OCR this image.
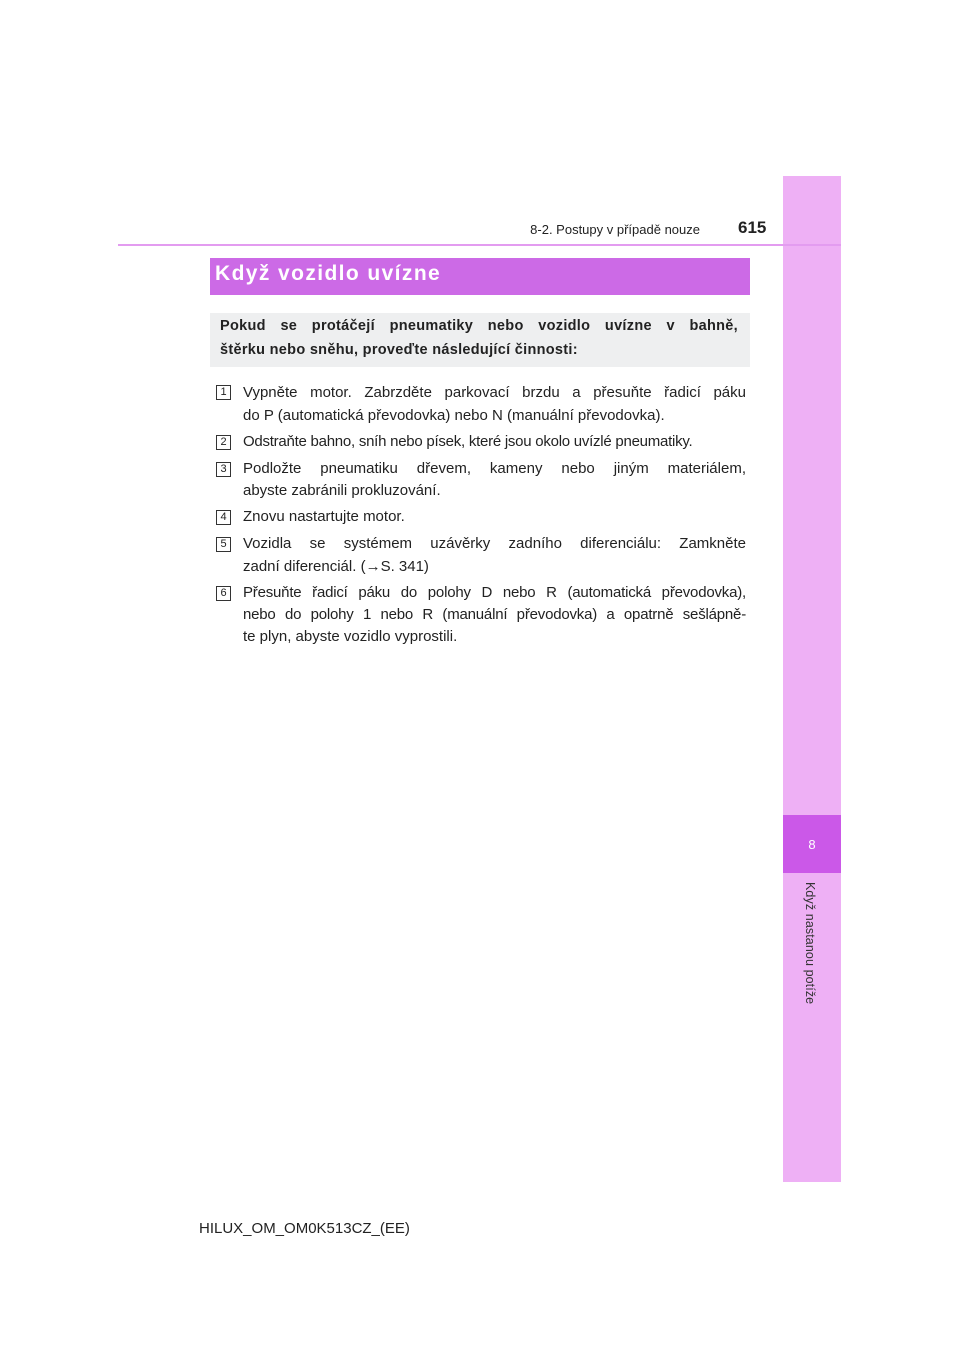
8
Když nastanou potíže
8-2. Postupy v případě nouze 615
Když vozidlo uvízne
Pokud se protáčejí pneumatiky nebo vozidlo uvízne v bahně,
štěrku nebo sněhu, proveďte následující činnosti:
1 Vypněte motor. Zabrzděte parkovací brzdu a přesuňte řadicí páku
do P (automatická převodovka) nebo N (manuální převodovka).
2 Odstraňte bahno, sníh nebo písek, které jsou okolo uvízlé pneumatiky.
3 Podložte pneumatiku dřevem, kameny nebo jiným materiálem,
abyste zabránili prokluzování.
4 Znovu nastartujte motor.
5 Vozidla se systémem uzávěrky zadního diferenciálu: Zamkněte
zadní diferenciál. (→S. 341)
6 Přesuňte řadicí páku do polohy D nebo R (automatická převodovka),
nebo do polohy 1 nebo R (manuální převodovka) a opatrně sešlápně-
te plyn, abyste vozidlo vyprostili.
HILUX_OM_OM0K513CZ_(EE)
